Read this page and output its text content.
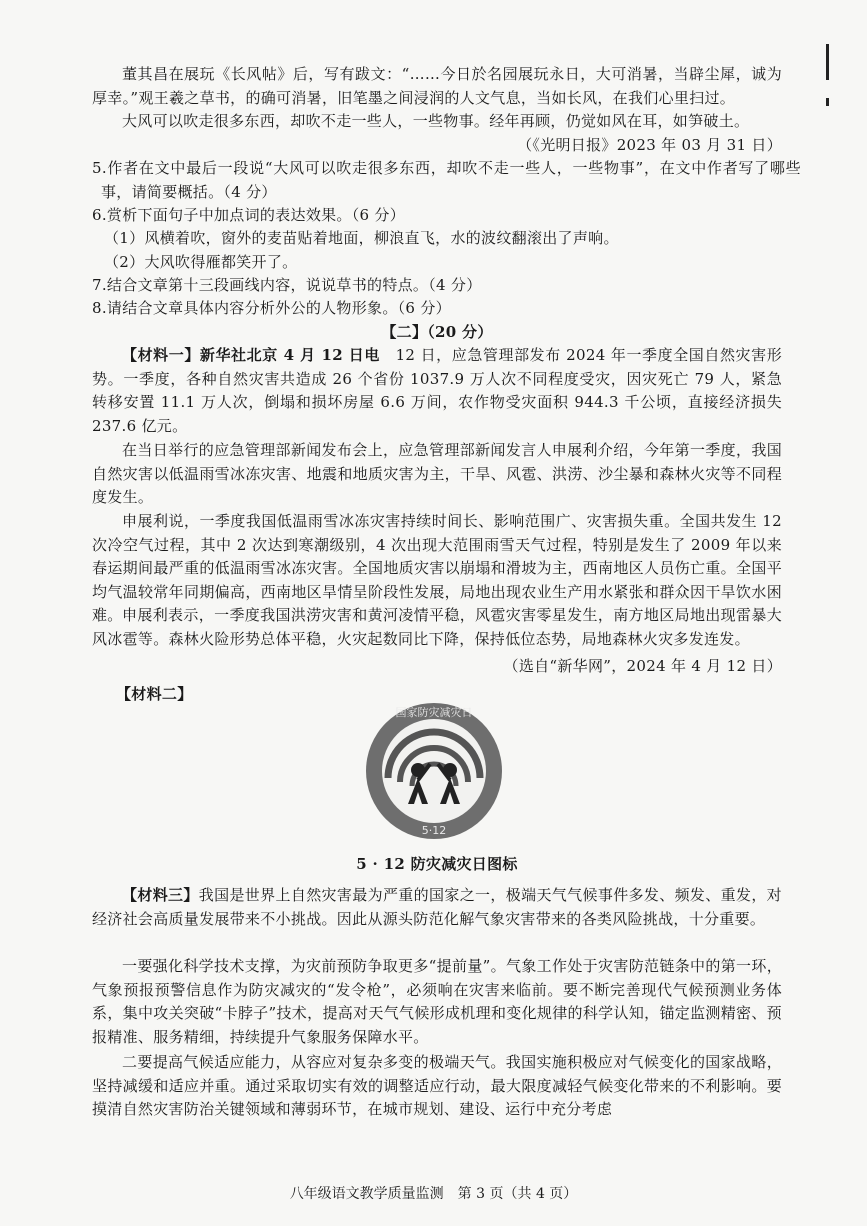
董其昌在展玩《长风帖》后，写有跋文：“……今日於名园展玩永日，大可消暑，当辟尘犀，诚为厚幸。”观王羲之草书，的确可消暑，旧笔墨之间浸润的人文气息，当如长风，在我们心里扫过。

大风可以吹走很多东西，却吹不走一些人，一些物事。经年再顾，仍觉如风在耳，如笋破土。

（《光明日报》2023 年 03 月 31 日）

5.作者在文中最后一段说“大风可以吹走很多东西，却吹不走一些人，一些物事”，在文中作者写了哪些事，请简要概括。（4 分）

6.赏析下面句子中加点词的表达效果。（6 分）

（1）风横着吹，窗外的麦苗贴着地面，柳浪直飞，水的波纹翻滚出了声响。

（2）大风吹得雁都笑开了。

7.结合文章第十三段画线内容，说说草书的特点。（4 分）

8.请结合文章具体内容分析外公的人物形象。（6 分）

【二】（20 分）

【材料一】新华社北京 4 月 12 日电　 12 日，应急管理部发布 2024 年一季度全国自然灾害形势。一季度，各种自然灾害共造成 26 个省份 1037.9 万人次不同程度受灾，因灾死亡 79 人，紧急转移安置 11.1 万人次，倒塌和损坏房屋 6.6 万间，农作物受灾面积 944.3 千公顷，直接经济损失 237.6 亿元。

在当日举行的应急管理部新闻发布会上，应急管理部新闻发言人申展利介绍，今年第一季度，我国自然灾害以低温雨雪冰冻灾害、地震和地质灾害为主，干旱、风雹、洪涝、沙尘暴和森林火灾等不同程度发生。

申展利说，一季度我国低温雨雪冰冻灾害持续时间长、影响范围广、灾害损失重。全国共发生 12 次冷空气过程，其中 2 次达到寒潮级别，4 次出现大范围雨雪天气过程，特别是发生了 2009 年以来春运期间最严重的低温雨雪冰冻灾害。全国地质灾害以崩塌和滑坡为主，西南地区人员伤亡重。全国平均气温较常年同期偏高，西南地区旱情呈阶段性发展，局地出现农业生产用水紧张和群众因干旱饮水困难。 申展利表示，一季度我国洪涝灾害和黄河凌情平稳，风雹灾害零星发生，南方地区局地出现雷暴大风冰雹等。森林火险形势总体平稳，火灾起数同比下降，保持低位态势，局地森林火灾多发连发。

（选自“新华网”，2024 年 4 月 12 日）

【材料二】

国家防灾减灾日
5·12

5 · 12 防灾减灾日图标

【材料三】我国是世界上自然灾害最为严重的国家之一，极端天气气候事件多发、频发、重发，对经济社会高质量发展带来不小挑战。因此从源头防范化解气象灾害带来的各类风险挑战，十分重要。

一要强化科学技术支撑，为灾前预防争取更多“提前量”。气象工作处于灾害防范链条中的第一环，气象预报预警信息作为防灾减灾的“发令枪”，必须响在灾害来临前。要不断完善现代气候预测业务体系，集中攻关突破“卡脖子”技术，提高对天气气候形成机理和变化规律的科学认知，锚定监测精密、预报精准、服务精细，持续提升气象服务保障水平。

二要提高气候适应能力，从容应对复杂多变的极端天气。我国实施积极应对气候变化的国家战略，坚持减缓和适应并重。通过采取切实有效的调整适应行动，最大限度减轻气候变化带来的不利影响。要摸清自然灾害防治关键领域和薄弱环节，在城市规划、建设、运行中充分考虑

八年级语文教学质量监测　第 3 页（共 4 页）
